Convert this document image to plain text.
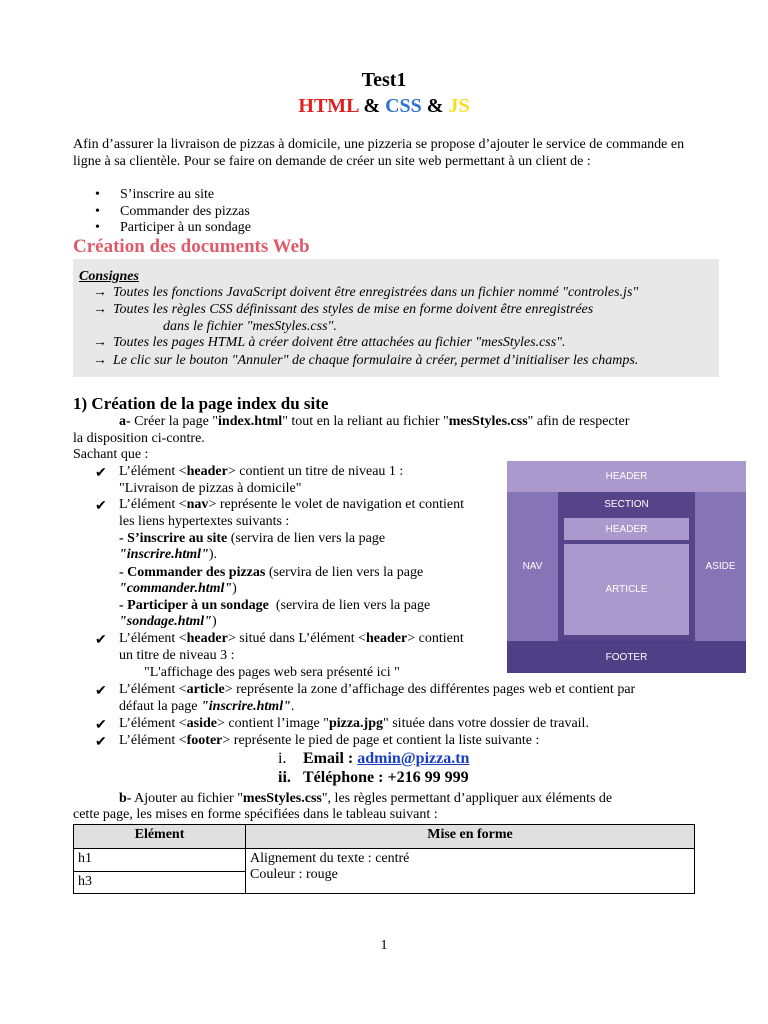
Test1
HTML & CSS & JS
Afin d’assurer la livraison de pizzas à domicile, une pizzeria se propose d’ajouter le service de commande en ligne à sa clientèle. Pour se faire on demande de créer un site web permettant à un client de :
• S’inscrire au site
• Commander des pizzas
• Participer à un sondage
Création des documents Web
Consignes
→ Toutes les fonctions JavaScript doivent être enregistrées dans un fichier nommé "controles.js"
→ Toutes les règles CSS définissant des styles de mise en forme doivent être enregistrées
dans le fichier "mesStyles.css".
→ Toutes les pages HTML à créer doivent être attachées au fichier "mesStyles.css".
→ Le clic sur le bouton "Annuler" de chaque formulaire à créer, permet d’initialiser les champs.
1) Création de la page index du site
a- Créer la page "index.html" tout en la reliant au fichier "mesStyles.css" afin de respecter
la disposition ci-contre.
Sachant que :
✔ L’élément <header> contient un titre de niveau 1 :
"Livraison de pizzas à domicile"
✔ L’élément <nav> représente le volet de navigation et contient
les liens hypertextes suivants :
- S’inscrire au site (servira de lien vers la page
"inscrire.html").
- Commander des pizzas (servira de lien vers la page
"commander.html")
- Participer à un sondage  (servira de lien vers la page
"sondage.html")
✔ L’élément <header> situé dans L’élément <header> contient
un titre de niveau 3 :
"L'affichage des pages web sera présenté ici "
✔ L’élément <article> représente la zone d’affichage des différentes pages web et contient par
défaut la page "inscrire.html".
✔ L’élément <aside> contient l’image "pizza.jpg" située dans votre dossier de travail.
✔ L’élément <footer> représente le pied de page et contient la liste suivante :
i. Email : admin@pizza.tn
ii. Téléphone : +216 99 999
b- Ajouter au fichier "mesStyles.css", les règles permettant d’appliquer aux éléments de
cette page, les mises en forme spécifiées dans le tableau suivant :
HEADER
NAV
SECTION
HEADER
ARTICLE
ASIDE
FOOTER
Elément	Mise en forme
h1	Alignement du texte : centré
Couleur : rouge

h3	
1
